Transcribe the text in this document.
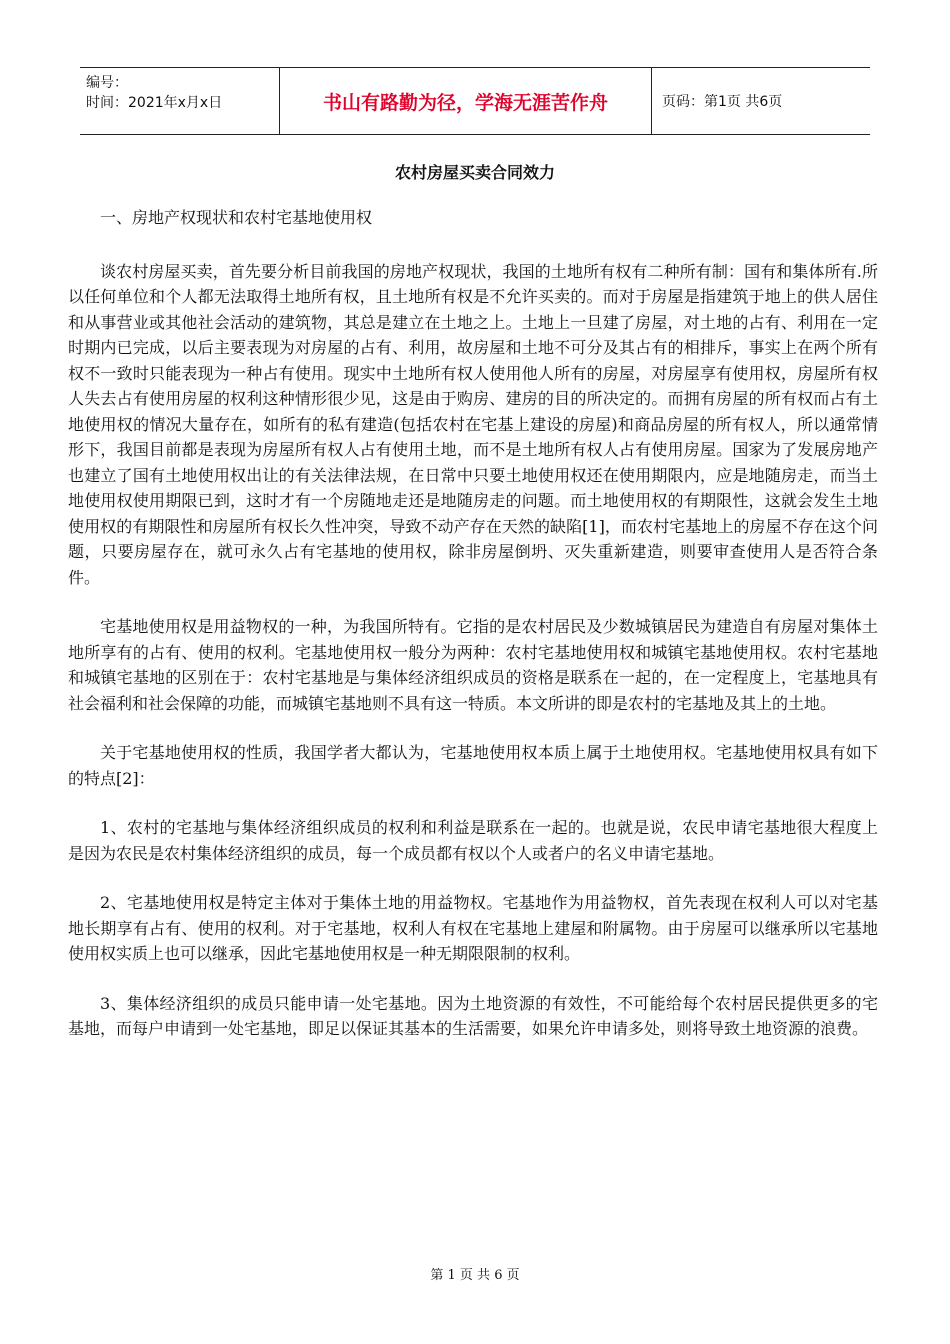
编号：
时间：2021年x月x日	书山有路勤为径，学海无涯苦作舟	页码：第1页 共6页
农村房屋买卖合同效力

一、房地产权现状和农村宅基地使用权

谈农村房屋买卖，首先要分析目前我国的房地产权现状，我国的土地所有权有二种所有制：国有和集体所有.所以任何单位和个人都无法取得土地所有权，且土地所有权是不允许买卖的。而对于房屋是指建筑于地上的供人居住和从事营业或其他社会活动的建筑物，其总是建立在土地之上。土地上一旦建了房屋，对土地的占有、利用在一定时期内已完成，以后主要表现为对房屋的占有、利用，故房屋和土地不可分及其占有的相排斥，事实上在两个所有权不一致时只能表现为一种占有使用。现实中土地所有权人使用他人所有的房屋，对房屋享有使用权，房屋所有权人失去占有使用房屋的权利这种情形很少见，这是由于购房、建房的目的所决定的。而拥有房屋的所有权而占有土地使用权的情况大量存在，如所有的私有建造(包括农村在宅基上建设的房屋)和商品房屋的所有权人，所以通常情形下，我国目前都是表现为房屋所有权人占有使用土地，而不是土地所有权人占有使用房屋。国家为了发展房地产也建立了国有土地使用权出让的有关法律法规，在日常中只要土地使用权还在使用期限内，应是地随房走，而当土地使用权使用期限已到，这时才有一个房随地走还是地随房走的问题。而土地使用权的有期限性，这就会发生土地使用权的有期限性和房屋所有权长久性冲突，导致不动产存在天然的缺陷[1]，而农村宅基地上的房屋不存在这个问题，只要房屋存在，就可永久占有宅基地的使用权，除非房屋倒坍、灭失重新建造，则要审查使用人是否符合条件。

宅基地使用权是用益物权的一种，为我国所特有。它指的是农村居民及少数城镇居民为建造自有房屋对集体土地所享有的占有、使用的权利。宅基地使用权一般分为两种：农村宅基地使用权和城镇宅基地使用权。农村宅基地和城镇宅基地的区别在于：农村宅基地是与集体经济组织成员的资格是联系在一起的，在一定程度上，宅基地具有社会福利和社会保障的功能，而城镇宅基地则不具有这一特质。本文所讲的即是农村的宅基地及其上的土地。

关于宅基地使用权的性质，我国学者大都认为，宅基地使用权本质上属于土地使用权。宅基地使用权具有如下的特点[2]：

1、农村的宅基地与集体经济组织成员的权利和利益是联系在一起的。也就是说，农民申请宅基地很大程度上是因为农民是农村集体经济组织的成员，每一个成员都有权以个人或者户的名义申请宅基地。

2、宅基地使用权是特定主体对于集体土地的用益物权。宅基地作为用益物权，首先表现在权利人可以对宅基地长期享有占有、使用的权利。对于宅基地，权利人有权在宅基地上建屋和附属物。由于房屋可以继承所以宅基地使用权实质上也可以继承，因此宅基地使用权是一种无期限限制的权利。

3、集体经济组织的成员只能申请一处宅基地。因为土地资源的有效性，不可能给每个农村居民提供更多的宅基地，而每户申请到一处宅基地，即足以保证其基本的生活需要，如果允许申请多处，则将导致土地资源的浪费。

第 1 页 共 6 页
